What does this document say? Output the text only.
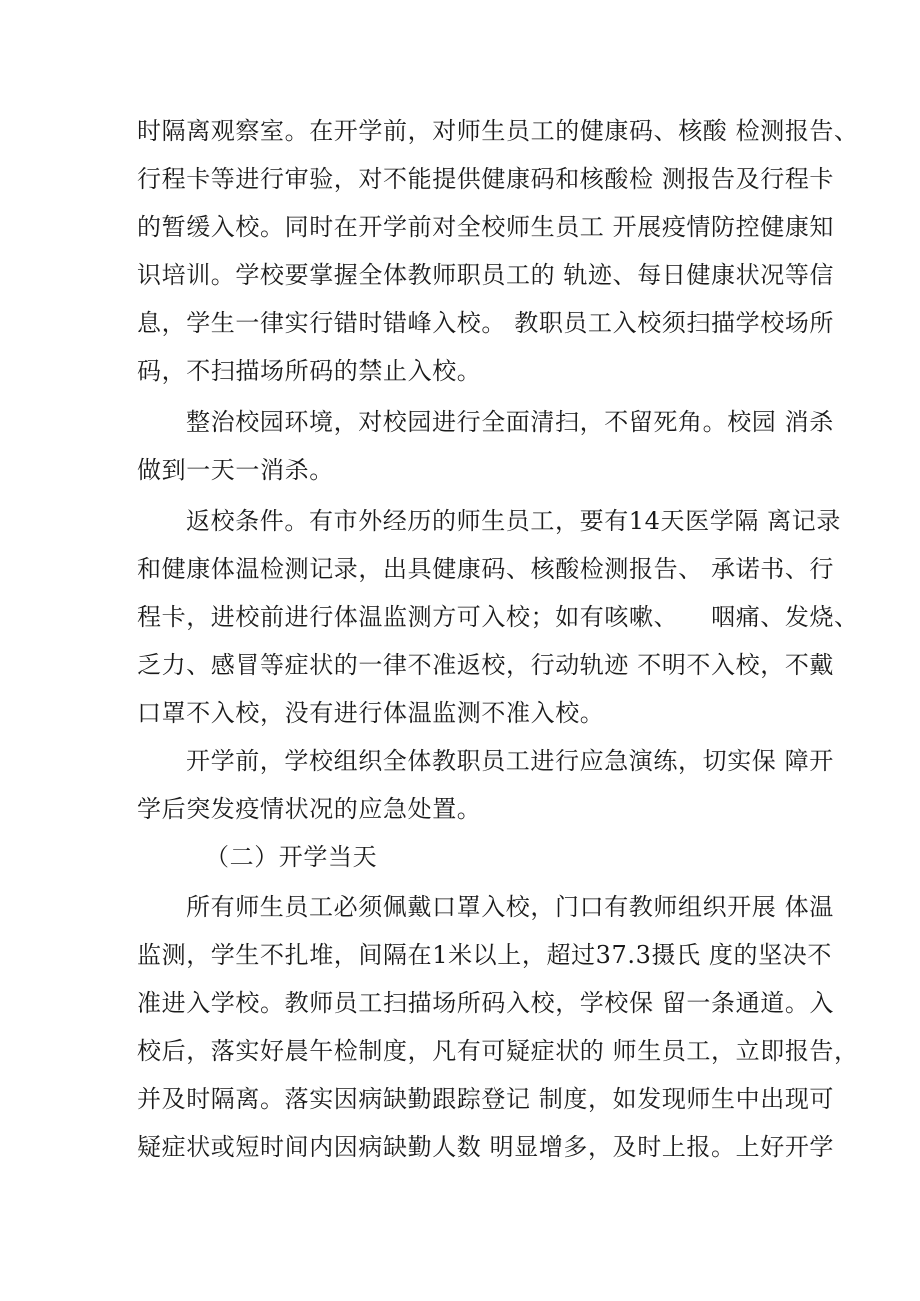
时隔离观察室。在开学前，对师生员工的健康码、核酸 检测报告、
行程卡等进行审验，对不能提供健康码和核酸检 测报告及行程卡
的暂缓入校。同时在开学前对全校师生员工 开展疫情防控健康知
识培训。学校要掌握全体教师职员工的 轨迹、每日健康状况等信
息，学生一律实行错时错峰入校。 教职员工入校须扫描学校场所
码，不扫描场所码的禁止入校。
整治校园环境，对校园进行全面清扫，不留死角。校园 消杀
做到一天一消杀。
返校条件。有市外经历的师生员工，要有14天医学隔 离记录
和健康体温检测记录，出具健康码、核酸检测报告、 承诺书、行
程卡，进校前进行体温监测方可入校；如有咳嗽、    咽痛、发烧、
乏力、感冒等症状的一律不准返校，行动轨迹 不明不入校，不戴
口罩不入校，没有进行体温监测不准入校。
开学前，学校组织全体教职员工进行应急演练，切实保 障开
学后突发疫情状况的应急处置。
（二）开学当天
所有师生员工必须佩戴口罩入校，门口有教师组织开展 体温
监测，学生不扎堆，间隔在1米以上，超过37.3摄氏 度的坚决不
准进入学校。教师员工扫描场所码入校，学校保 留一条通道。入
校后，落实好晨午检制度，凡有可疑症状的 师生员工，立即报告，
并及时隔离。落实因病缺勤跟踪登记 制度，如发现师生中出现可
疑症状或短时间内因病缺勤人数 明显增多，及时上报。上好开学
